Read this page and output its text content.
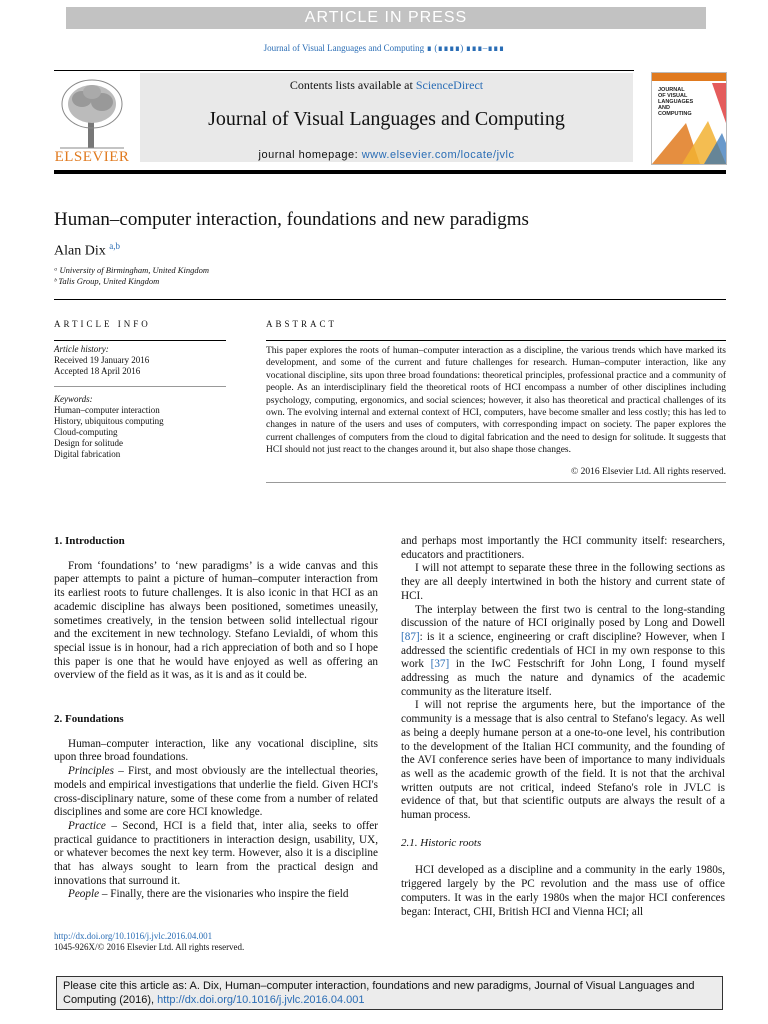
ARTICLE IN PRESS
Journal of Visual Languages and Computing ∎ (∎∎∎∎) ∎∎∎–∎∎∎
ELSEVIER
Contents lists available at ScienceDirect
Journal of Visual Languages and Computing
journal homepage: www.elsevier.com/locate/jvlc
JOURNAL OF VISUAL LANGUAGES AND COMPUTING
Human–computer interaction, foundations and new paradigms
Alan Dix $^{a,b}$
ᵃ University of Birmingham, United Kingdom
ᵇ Talis Group, United Kingdom
ARTICLE INFO
Article history:
Received 19 January 2016
Accepted 18 April 2016
Keywords:
Human–computer interaction
History, ubiquitous computing
Cloud-computing
Design for solitude
Digital fabrication
ABSTRACT
This paper explores the roots of human–computer interaction as a discipline, the various trends which have marked its development, and some of the current and future challenges for research. Human–computer interaction, like any vocational discipline, sits upon three broad foundations: theoretical principles, professional practice and a community of people. As an interdisciplinary field the theoretical roots of HCI encompass a number of other disciplines including psychology, computing, ergonomics, and social sciences; however, it also has theoretical and practical challenges of its own. The evolving internal and external context of HCI, computers, have become smaller and less costly; this has led to changes in nature of the users and uses of computers, with corresponding impact on society. The paper explores the current challenges of computers from the cloud to digital fabrication and the need to design for solitude. It suggests that HCI should not just react to the changes around it, but also shape those changes.
© 2016 Elsevier Ltd. All rights reserved.
1. Introduction

From ‘foundations’ to ‘new paradigms’ is a wide canvas and this paper attempts to paint a picture of human–computer interaction from its earliest roots to future challenges. It is also iconic in that HCI as an academic discipline has always been positioned, sometimes uneasily, sometimes creatively, in the tension between solid intellectual rigour and the excitement in new technology. Stefano Levialdi, of whom this special issue is in honour, had a rich appreciation of both and so I hope this paper is one that he would have enjoyed as well as offering an overview of the field as it was, as it is and as it could be.

2. Foundations

Human–computer interaction, like any vocational discipline, sits upon three broad foundations.

Principles – First, and most obviously are the intellectual theories, models and empirical investigations that underlie the field. Given HCI's cross-disciplinary nature, some of these come from a number of related disciplines and some are core HCI knowledge.

Practice – Second, HCI is a field that, inter alia, seeks to offer practical guidance to practitioners in interaction design, usability, UX, or whatever becomes the next key term. However, also it is a discipline that has always sought to learn from the practical design and innovations that surround it.

People – Finally, there are the visionaries who inspire the field

and perhaps most importantly the HCI community itself: researchers, educators and practitioners.

I will not attempt to separate these three in the following sections as they are all deeply intertwined in both the history and current state of HCI.

The interplay between the first two is central to the long-standing discussion of the nature of HCI originally posed by Long and Dowell [87]: is it a science, engineering or craft discipline? However, when I addressed the scientific credentials of HCI in my own response to this work [37] in the IwC Festschrift for John Long, I found myself addressing as much the nature and dynamics of the academic community as the literature itself.

I will not reprise the arguments here, but the importance of the community is a message that is also central to Stefano's legacy. As well as being a deeply humane person at a one-to-one level, his contribution to the development of the Italian HCI community, and the founding of the AVI conference series have been of importance to many individuals as well as the academic growth of the field. It is not that the archival written outputs are not critical, indeed Stefano's role in JVLC is evidence of that, but that scientific outputs are always the result of a human process.

2.1. Historic roots

HCI developed as a discipline and a community in the early 1980s, triggered largely by the PC revolution and the mass use of office computers. It was in the early 1980s when the major HCI conferences began: Interact, CHI, British HCI and Vienna HCI; all

http://dx.doi.org/10.1016/j.jvlc.2016.04.001
1045-926X/© 2016 Elsevier Ltd. All rights reserved.
Please cite this article as: A. Dix, Human–computer interaction, foundations and new paradigms, Journal of Visual Languages and Computing (2016), http://dx.doi.org/10.1016/j.jvlc.2016.04.001
